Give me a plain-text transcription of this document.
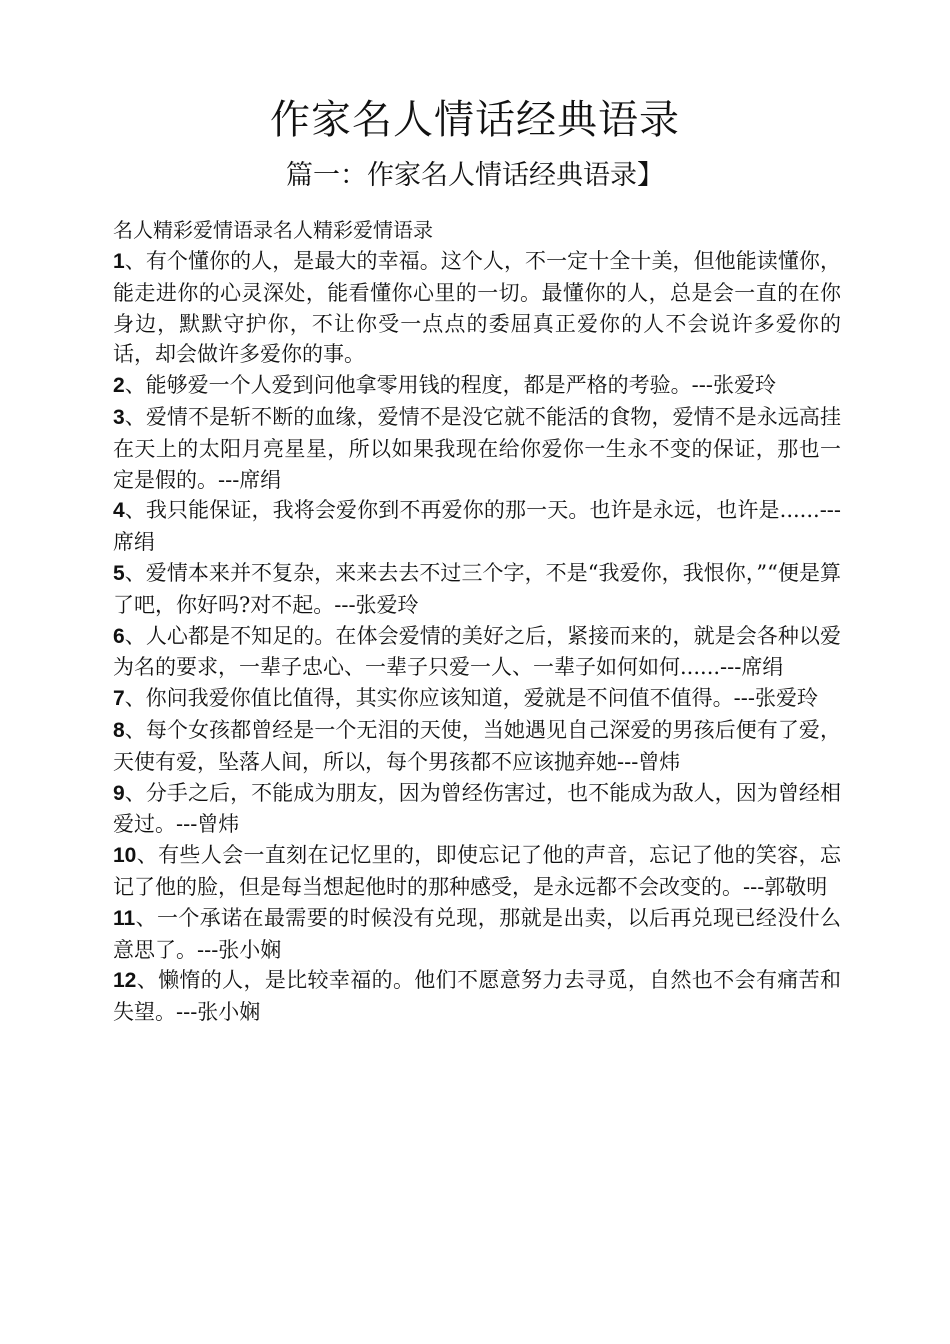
作家名人情话经典语录
篇一：作家名人情话经典语录】

名人精彩爱情语录名人精彩爱情语录

1、有个懂你的人，是最大的幸福。这个人，不一定十全十美，但他能读懂你，能走进你的心灵深处，能看懂你心里的一切。最懂你的人，总是会一直的在你身边，默默守护你，不让你受一点点的委屈真正爱你的人不会说许多爱你的话，却会做许多爱你的事。

2、能够爱一个人爱到问他拿零用钱的程度，都是严格的考验。---张爱玲

3、爱情不是斩不断的血缘，爱情不是没它就不能活的食物，爱情不是永远高挂在天上的太阳月亮星星，所以如果我现在给你爱你一生永不变的保证，那也一定是假的。---席绢

4、我只能保证，我将会爱你到不再爱你的那一天。也许是永远，也许是......---席绢

5、爱情本来并不复杂，来来去去不过三个字，不是“我爱你，我恨你，”“便是算了吧，你好吗?对不起。---张爱玲

6、人心都是不知足的。在体会爱情的美好之后，紧接而来的，就是会各种以爱为名的要求，一辈子忠心、一辈子只爱一人、一辈子如何如何......---席绢

7、你问我爱你值比值得，其实你应该知道，爱就是不问值不值得。---张爱玲

8、每个女孩都曾经是一个无泪的天使，当她遇见自己深爱的男孩后便有了爱，天使有爱，坠落人间，所以，每个男孩都不应该抛弃她---曾炜

9、分手之后，不能成为朋友，因为曾经伤害过，也不能成为敌人，因为曾经相爱过。---曾炜

10、有些人会一直刻在记忆里的，即使忘记了他的声音，忘记了他的笑容，忘记了他的脸，但是每当想起他时的那种感受，是永远都不会改变的。---郭敬明

11、一个承诺在最需要的时候没有兑现，那就是出卖，以后再兑现已经没什么意思了。---张小娴

12、懒惰的人，是比较幸福的。他们不愿意努力去寻觅，自然也不会有痛苦和失望。---张小娴
